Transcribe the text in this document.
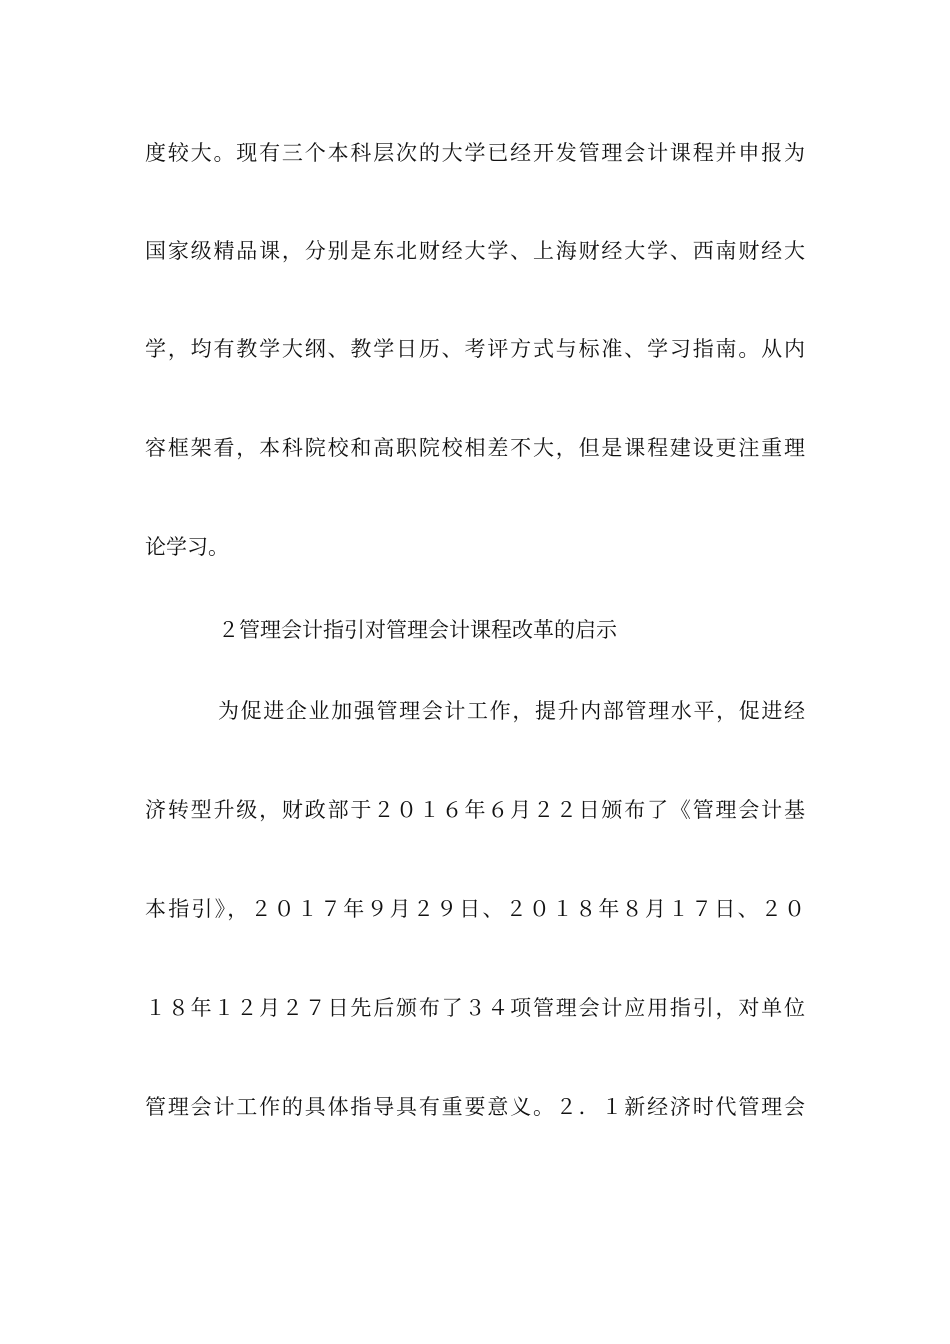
度较大。现有三个本科层次的大学已经开发管理会计课程并申报为
国家级精品课，分别是东北财经大学、上海财经大学、西南财经大
学，均有教学大纲、教学日历、考评方式与标准、学习指南。从内
容框架看，本科院校和高职院校相差不大，但是课程建设更注重理
论学习。
２管理会计指引对管理会计课程改革的启示
为促进企业加强管理会计工作，提升内部管理水平，促进经
济转型升级，财政部于２０１６年６月２２日颁布了《管理会计基
本指引》，２０１７年９月２９日、２０１８年８月１７日、２０
１８年１２月２７日先后颁布了３４项管理会计应用指引，对单位
管理会计工作的具体指导具有重要意义。２．１新经济时代管理会
